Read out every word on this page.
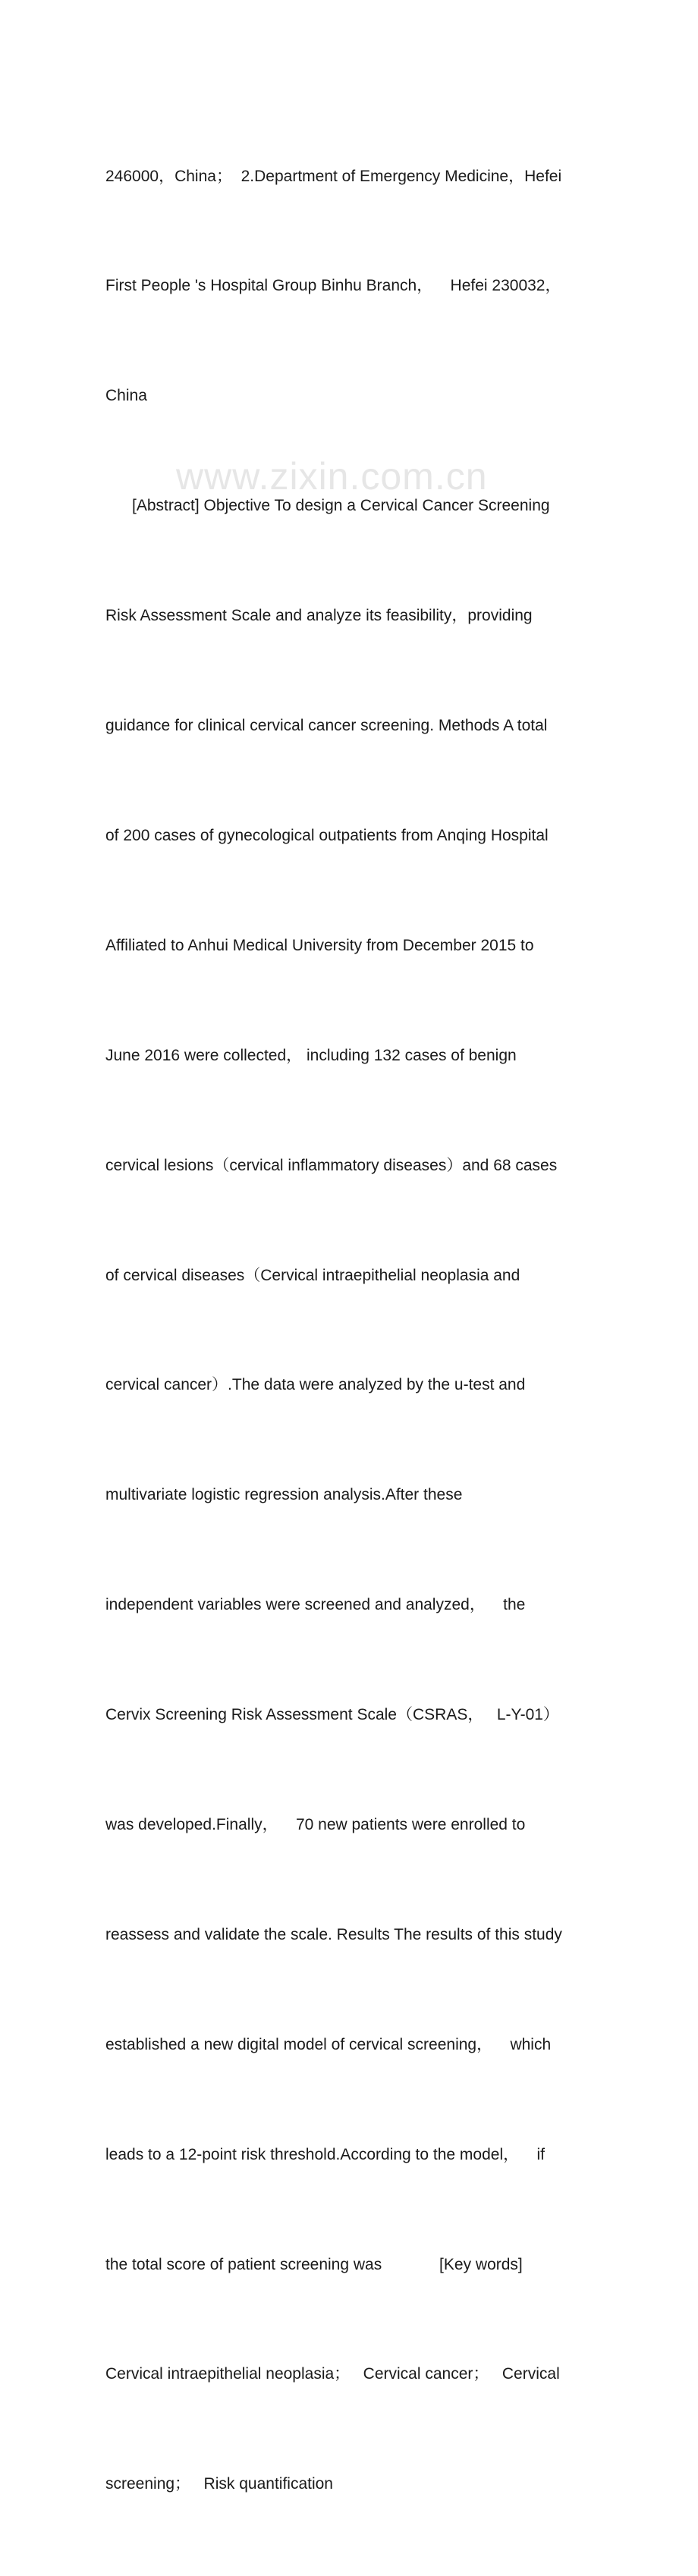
246000，China；  2.Department of Emergency Medicine，Hefei

First People 's Hospital Group Binhu Branch，    Hefei 230032，

China

[Abstract] Objective To design a Cervical Cancer Screening

Risk Assessment Scale and analyze its feasibility，providing

guidance for clinical cervical cancer screening. Methods A total

of 200 cases of gynecological outpatients from Anqing Hospital

Affiliated to Anhui Medical University from December 2015 to

June 2016 were collected， including 132 cases of benign

cervical lesions（cervical inflammatory diseases）and 68 cases

of cervical diseases（Cervical intraepithelial neoplasia and

cervical cancer）.The data were analyzed by the u-test and

multivariate logistic regression analysis.After these

independent variables were screened and analyzed，    the

Cervix Screening Risk Assessment Scale（CSRAS，   L-Y-01）

was developed.Finally，    70 new patients were enrolled to

reassess and validate the scale. Results The results of this study

established a new digital model of cervical screening，    which

leads to a 12-point risk threshold.According to the model，    if

the total score of patient screening was             [Key words]

Cervical intraepithelial neoplasia；   Cervical cancer；   Cervical

screening；   Risk quantification

www.zixin.com.cn
